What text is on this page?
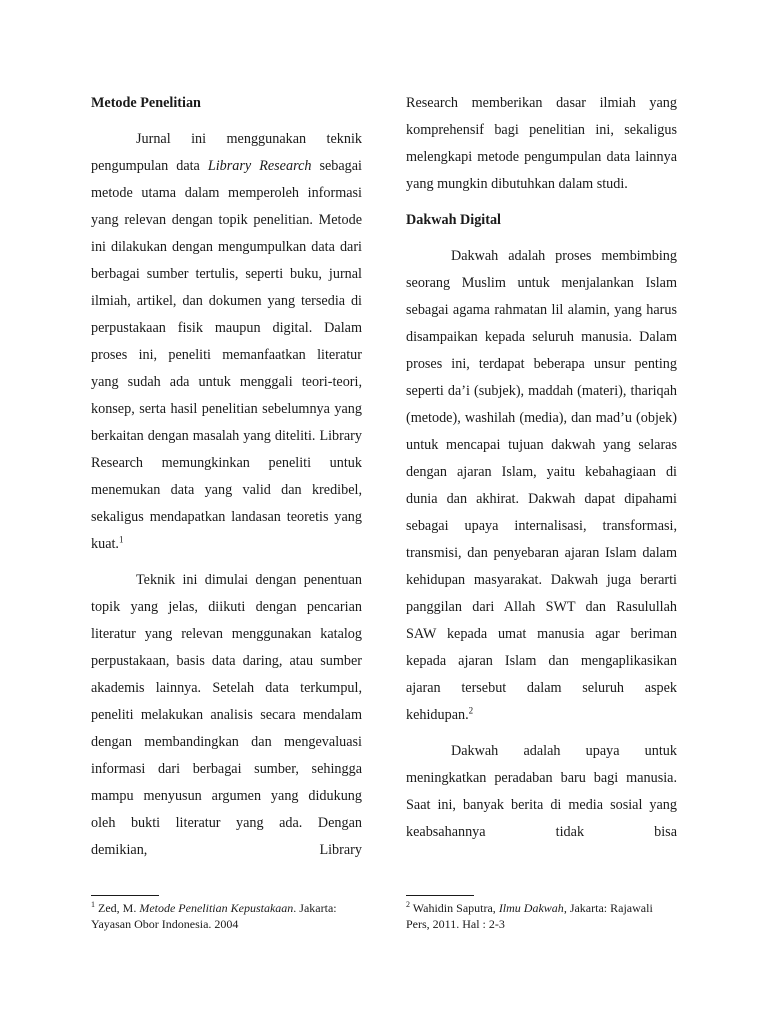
Metode Penelitian

Jurnal ini menggunakan teknik pengumpulan data Library Research sebagai metode utama dalam memperoleh informasi yang relevan dengan topik penelitian. Metode ini dilakukan dengan mengumpulkan data dari berbagai sumber tertulis, seperti buku, jurnal ilmiah, artikel, dan dokumen yang tersedia di perpustakaan fisik maupun digital. Dalam proses ini, peneliti memanfaatkan literatur yang sudah ada untuk menggali teori-teori, konsep, serta hasil penelitian sebelumnya yang berkaitan dengan masalah yang diteliti. Library Research memungkinkan peneliti untuk menemukan data yang valid dan kredibel, sekaligus mendapatkan landasan teoretis yang kuat.$^1$

Teknik ini dimulai dengan penentuan topik yang jelas, diikuti dengan pencarian literatur yang relevan menggunakan katalog perpustakaan, basis data daring, atau sumber akademis lainnya. Setelah data terkumpul, peneliti melakukan analisis secara mendalam dengan membandingkan dan mengevaluasi informasi dari berbagai sumber, sehingga mampu menyusun argumen yang didukung oleh bukti literatur yang ada. Dengan demikian, Library

Research memberikan dasar ilmiah yang komprehensif bagi penelitian ini, sekaligus melengkapi metode pengumpulan data lainnya yang mungkin dibutuhkan dalam studi.

Dakwah Digital

Dakwah adalah proses membimbing seorang Muslim untuk menjalankan Islam sebagai agama rahmatan lil alamin, yang harus disampaikan kepada seluruh manusia. Dalam proses ini, terdapat beberapa unsur penting seperti da’i (subjek), maddah (materi), thariqah (metode), washilah (media), dan mad’u (objek) untuk mencapai tujuan dakwah yang selaras dengan ajaran Islam, yaitu kebahagiaan di dunia dan akhirat. Dakwah dapat dipahami sebagai upaya internalisasi, transformasi, transmisi, dan penyebaran ajaran Islam dalam kehidupan masyarakat. Dakwah juga berarti panggilan dari Allah SWT dan Rasulullah SAW kepada umat manusia agar beriman kepada ajaran Islam dan mengaplikasikan ajaran tersebut dalam seluruh aspek kehidupan.$^2$

Dakwah adalah upaya untuk meningkatkan peradaban baru bagi manusia. Saat ini, banyak berita di media sosial yang keabsahannya tidak bisa

$^1$ Zed, M. Metode Penelitian Kepustakaan. Jakarta: Yayasan Obor Indonesia. 2004
$^2$ Wahidin Saputra, Ilmu Dakwah, Jakarta: Rajawali Pers, 2011. Hal : 2-3
